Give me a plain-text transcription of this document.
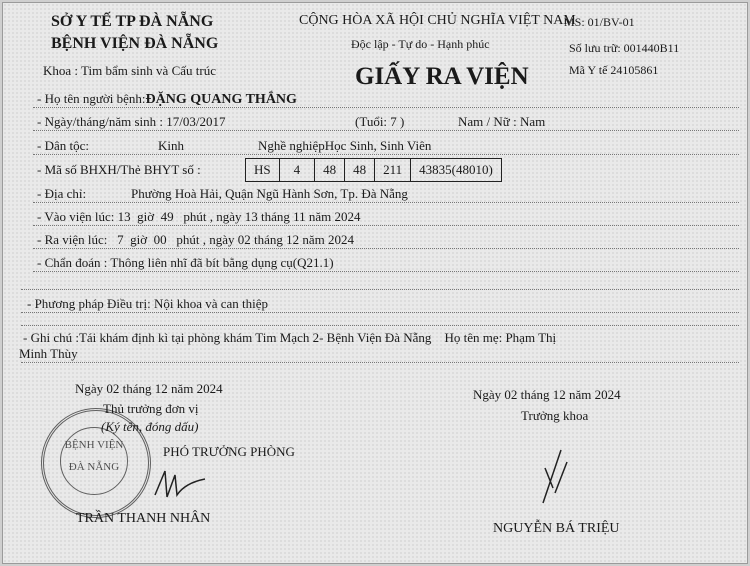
SỞ Y TẾ TP ĐÀ NẴNG
BỆNH VIỆN ĐÀ NẴNG
Khoa : Tim bẩm sinh và Cấu trúc
CỘNG HÒA XÃ HỘI CHỦ NGHĨA VIỆT NAM
Độc lập - Tự do - Hạnh phúc
MS: 01/BV-01
Số lưu trữ: 001440B11
Mã Y tế 24105861
GIẤY RA VIỆN
- Họ tên người bệnh:ĐẶNG QUANG THẮNG
- Ngày/tháng/năm sinh : 17/03/2017	(Tuổi: 7 )	Nam / Nữ : Nam
- Dân tộc:	Kinh	Nghề nghiệpHọc Sinh, Sinh Viên
- Mã số BHXH/Thẻ BHYT số :	HS	4	48	48	211	43835(48010)
- Địa chỉ:	Phường Hoà Hải, Quận Ngũ Hành Sơn, Tp. Đà Nẵng
- Vào viện lúc: 13  giờ  49   phút , ngày 13 tháng 11 năm 2024
- Ra viện lúc: 7  giờ  00   phút , ngày 02 tháng 12 năm 2024
- Chẩn đoán : Thông liên nhĩ đã bít bằng dụng cụ(Q21.1)
- Phương pháp Điều trị: Nội khoa và can thiệp
- Ghi chú :Tái khám định kì tại phòng khám Tim Mạch 2- Bệnh Viện Đà Nẵng Họ tên mẹ: Phạm Thị
Minh Thùy
Ngày 02 tháng 12 năm 2024
BỆNH VIỆN
ĐÀ NẴNG
Thủ trưởng đơn vị
(Ký tên, đóng dấu)
PHÓ TRƯỞNG PHÒNG
TRẦN THANH NHÂN
Ngày 02 tháng 12 năm 2024
Trưởng khoa
NGUYỄN BÁ TRIỆU
